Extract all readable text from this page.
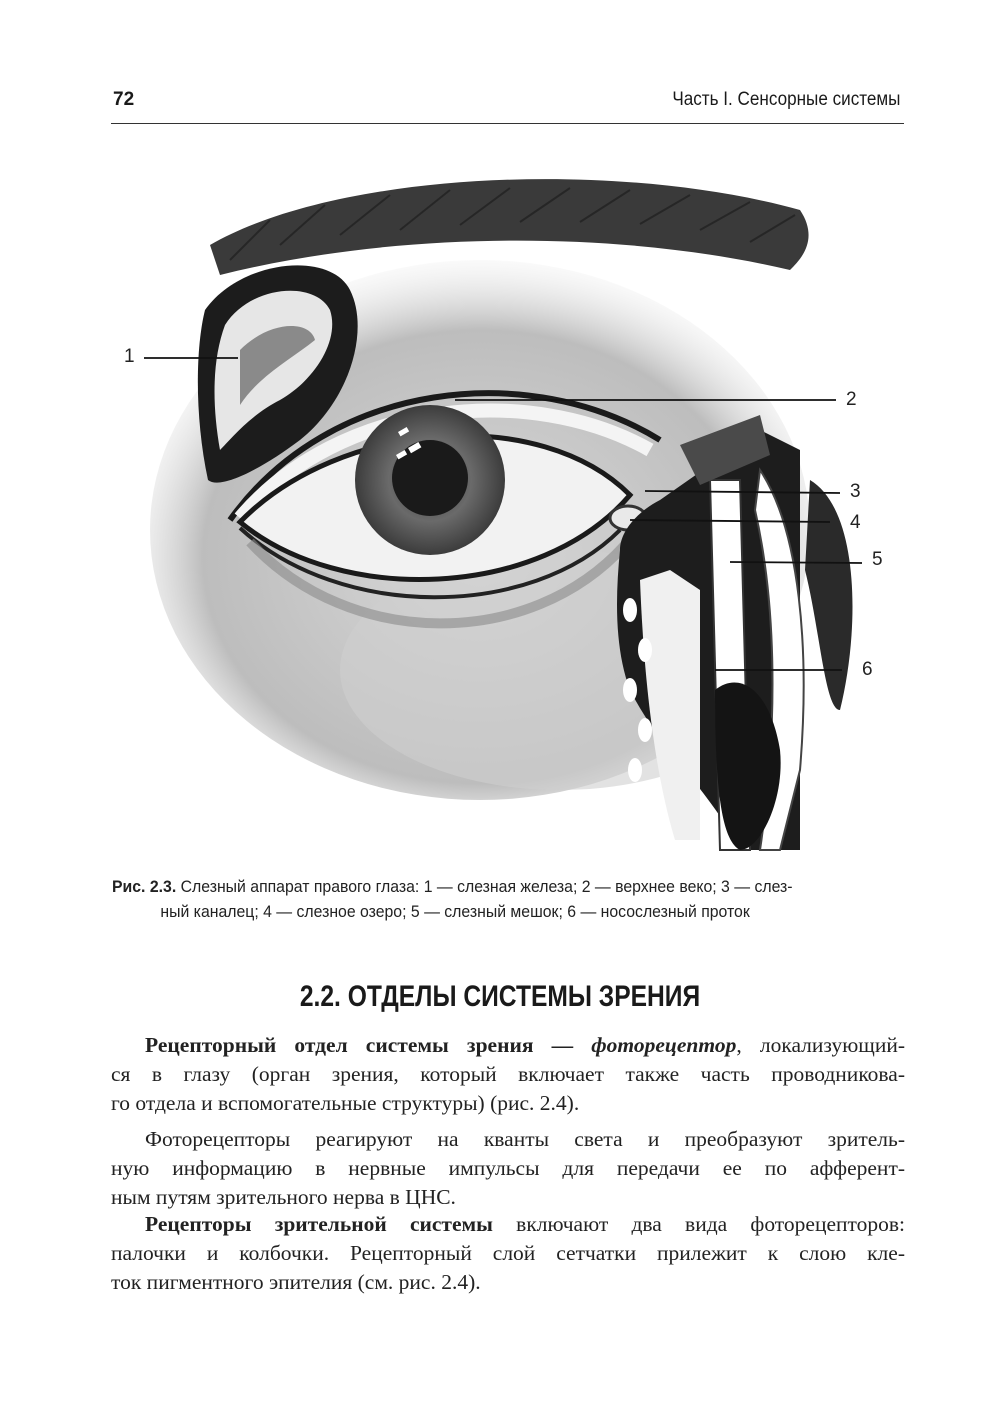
72	Часть I. Сенсорные системы
1
2
3
4
5
6
Рис. 2.3. Слезный аппарат правого глаза: 1 — слезная железа; 2 — верхнее веко; 3 — слез-
ный каналец; 4 — слезное озеро; 5 — слезный мешок; 6 — носослезный проток
2.2. ОТДЕЛЫ СИСТЕМЫ ЗРЕНИЯ
Рецепторный отдел системы зрения — фоторецептор, локализующий-
ся в глазу (орган зрения, который включает также часть проводникова-
го отдела и вспомогательные структуры) (рис. 2.4).
Фоторецепторы реагируют на кванты света и преобразуют зритель-
ную информацию в нервные импульсы для передачи ее по афферент-
ным путям зрительного нерва в ЦНС.
Рецепторы зрительной системы включают два вида фоторецепторов:
палочки и колбочки. Рецепторный слой сетчатки прилежит к слою кле-
ток пигментного эпителия (см. рис. 2.4).
